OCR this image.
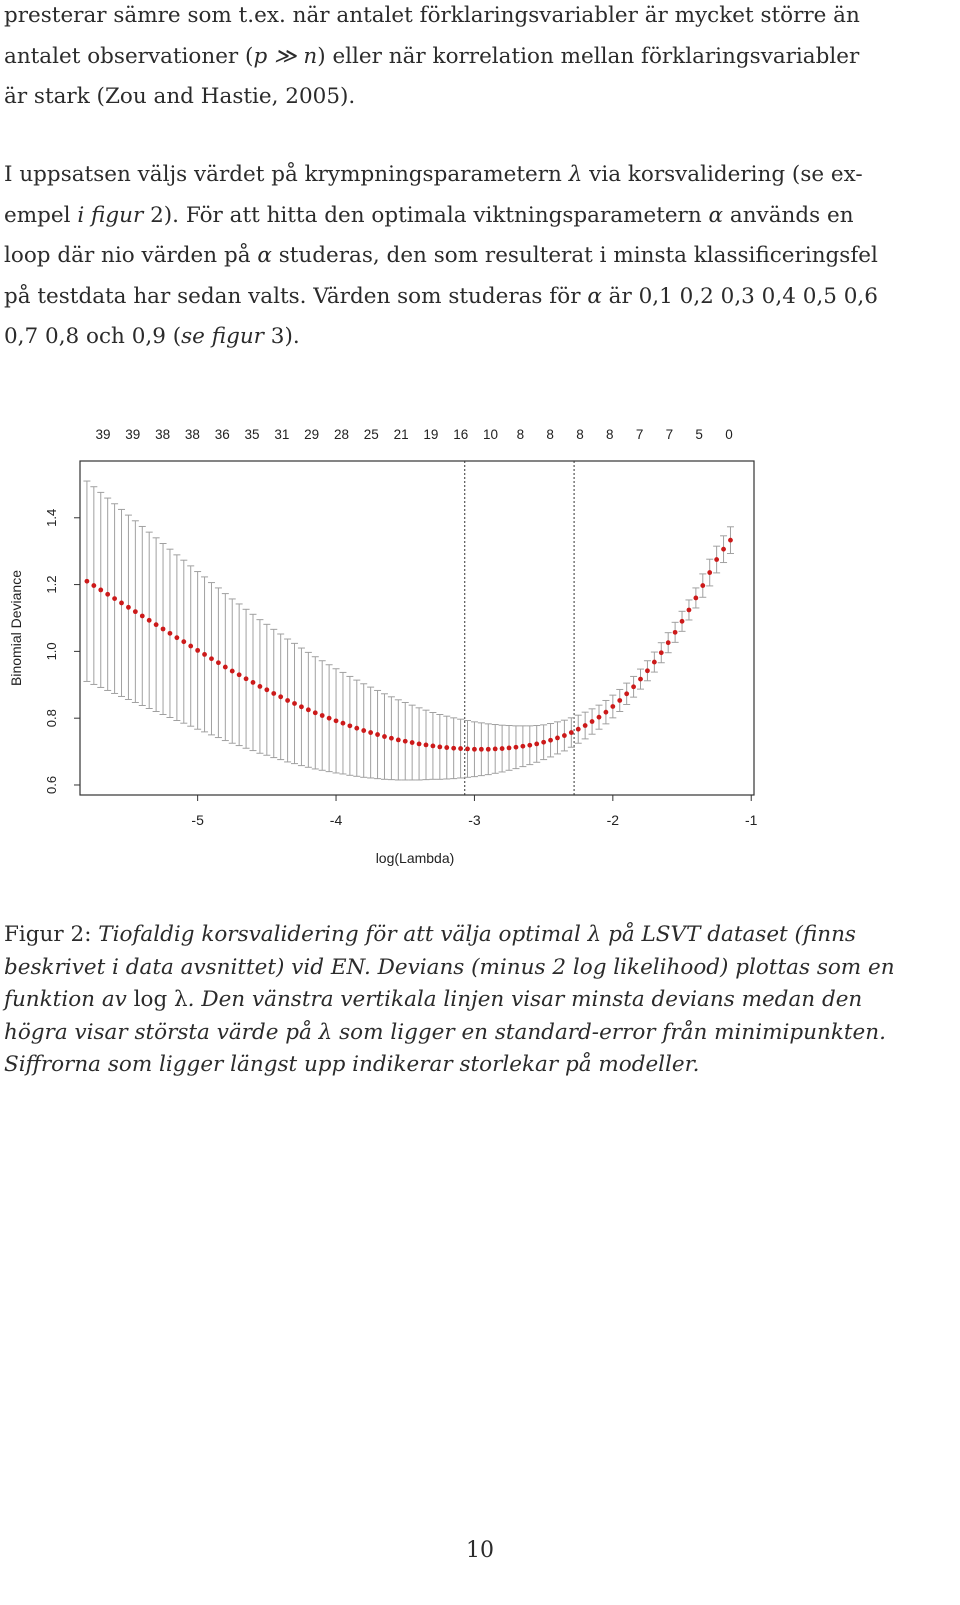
presterar sämre som t.ex. när antalet förklaringsvariabler är mycket större än
antalet observationer (p ≫ n) eller när korrelation mellan förklaringsvariabler
är stark (Zou and Hastie, 2005).

I uppsatsen väljs värdet på krympningsparametern λ via korsvalidering (se ex-
empel i figur 2). För att hitta den optimala viktningsparametern α används en
loop där nio värden på α studeras, den som resulterat i minsta klassificeringsfel
på testdata har sedan valts. Värden som studeras för α är 0,1 0,2 0,3 0,4 0,5 0,6
0,7 0,8 och 0,9 (se figur 3).

39 39 38 38 36 35 31 29 28 25 21 19 16 10 8 8 8 8 7 7 5 0
-5	-4	-3	-2	-1
0.6
0.8
1.0
1.2
1.4
log(Lambda)
Binomial Deviance

Figur 2: Tiofaldig korsvalidering för att välja optimal λ på LSVT dataset (finns
beskrivet i data avsnittet) vid EN. Devians (minus 2 log likelihood) plottas som en
funktion av log λ. Den vänstra vertikala linjen visar minsta devians medan den
högra visar största värde på λ som ligger en standard-error från minimipunkten.
Siffrorna som ligger längst upp indikerar storlekar på modeller.

10
